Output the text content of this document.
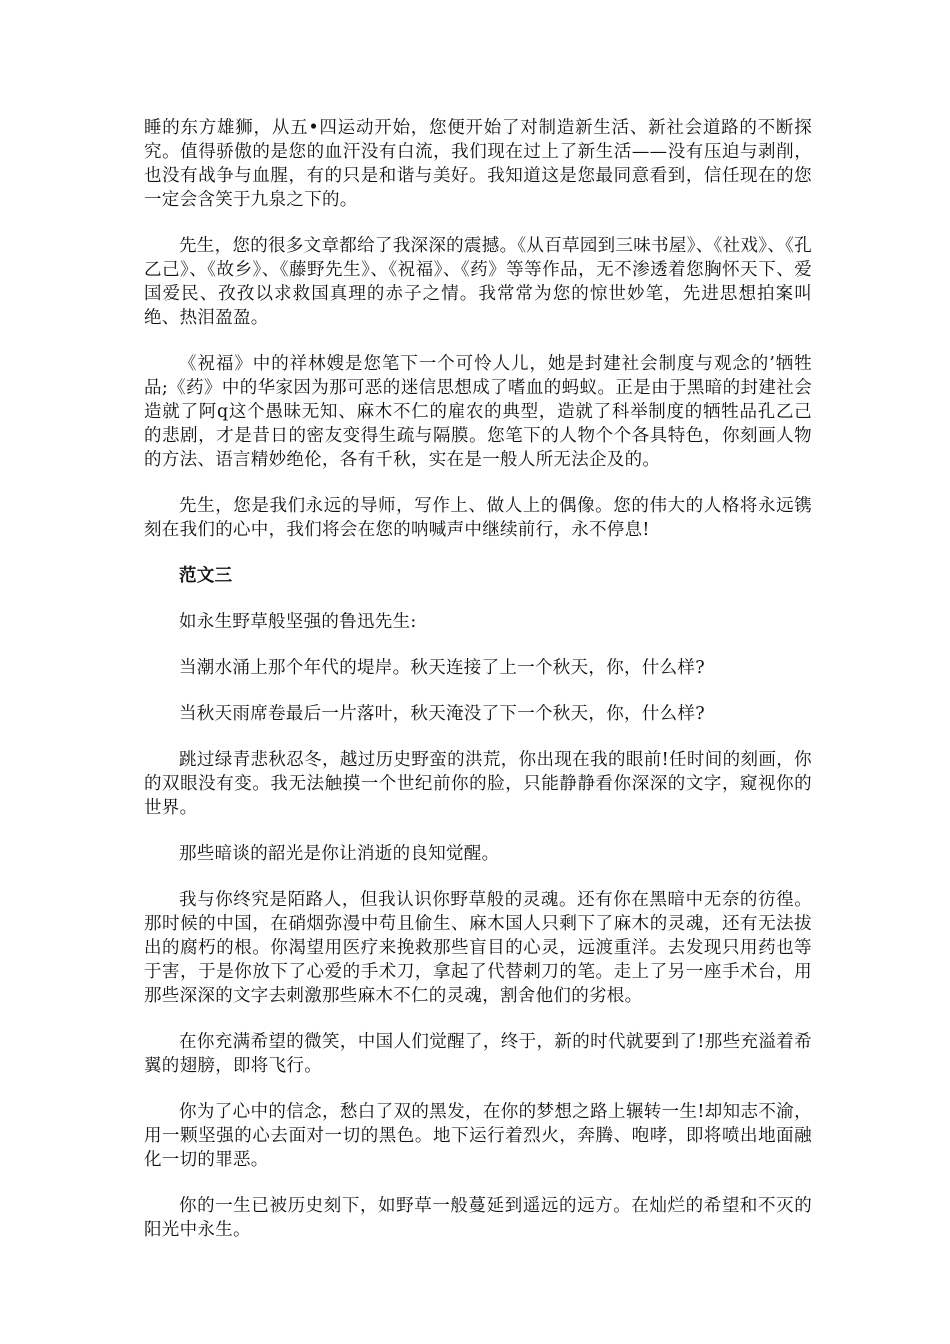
睡的东方雄狮，从五•四运动开始，您便开始了对制造新生活、新社会道路的不断探究。值得骄傲的是您的血汗没有白流，我们现在过上了新生活——没有压迫与剥削，也没有战争与血腥，有的只是和谐与美好。我知道这是您最同意看到，信任现在的您一定会含笑于九泉之下的。

先生，您的很多文章都给了我深深的震撼。《从百草园到三味书屋》、《社戏》、《孔乙己》、《故乡》、《藤野先生》、《祝福》、《药》等等作品，无不渗透着您胸怀天下、爱国爱民、孜孜以求救国真理的赤子之情。我常常为您的惊世妙笔，先进思想拍案叫绝、热泪盈盈。

《祝福》中的祥林嫂是您笔下一个可怜人儿，她是封建社会制度与观念的’牺牲品;《药》中的华家因为那可恶的迷信思想成了嗜血的蚂蚁。正是由于黑暗的封建社会造就了阿q这个愚昧无知、麻木不仁的雇农的典型，造就了科举制度的牺牲品孔乙己的悲剧，才是昔日的密友变得生疏与隔膜。您笔下的人物个个各具特色，你刻画人物的方法、语言精妙绝伦，各有千秋，实在是一般人所无法企及的。

先生，您是我们永远的导师，写作上、做人上的偶像。您的伟大的人格将永远镌刻在我们的心中，我们将会在您的呐喊声中继续前行，永不停息!

范文三

如永生野草般坚强的鲁迅先生:

当潮水涌上那个年代的堤岸。秋天连接了上一个秋天，你，什么样?

当秋天雨席卷最后一片落叶，秋天淹没了下一个秋天，你，什么样?

跳过绿青悲秋忍冬，越过历史野蛮的洪荒，你出现在我的眼前!任时间的刻画，你的双眼没有变。我无法触摸一个世纪前你的脸，只能静静看你深深的文字，窥视你的世界。

那些暗谈的韶光是你让消逝的良知觉醒。

我与你终究是陌路人，但我认识你野草般的灵魂。还有你在黑暗中无奈的彷徨。那时候的中国，在硝烟弥漫中苟且偷生、麻木国人只剩下了麻木的灵魂，还有无法拔出的腐朽的根。你渴望用医疗来挽救那些盲目的心灵，远渡重洋。去发现只用药也等于害，于是你放下了心爱的手术刀，拿起了代替刺刀的笔。走上了另一座手术台，用那些深深的文字去刺激那些麻木不仁的灵魂，割舍他们的劣根。

在你充满希望的微笑，中国人们觉醒了，终于，新的时代就要到了!那些充溢着希翼的翅膀，即将飞行。

你为了心中的信念，愁白了双的黑发，在你的梦想之路上辗转一生!却知志不渝，用一颗坚强的心去面对一切的黑色。地下运行着烈火，奔腾、咆哮，即将喷出地面融化一切的罪恶。

你的一生已被历史刻下，如野草一般蔓延到遥远的远方。在灿烂的希望和不灭的阳光中永生。
